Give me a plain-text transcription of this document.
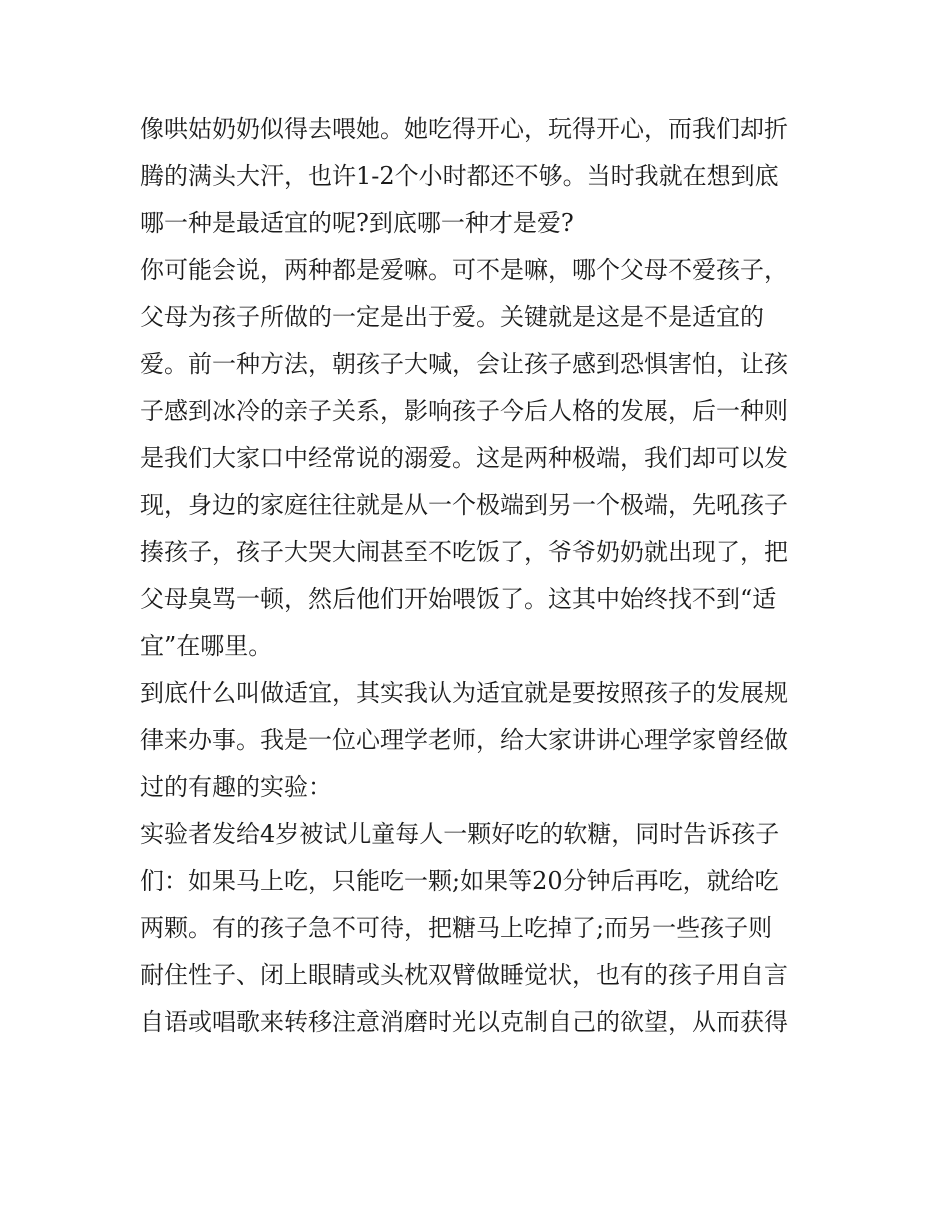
像哄姑奶奶似得去喂她。她吃得开心，玩得开心，而我们却折
腾的满头大汗，也许1-2个小时都还不够。当时我就在想到底
哪一种是最适宜的呢?到底哪一种才是爱?
你可能会说，两种都是爱嘛。可不是嘛，哪个父母不爱孩子，
父母为孩子所做的一定是出于爱。关键就是这是不是适宜的
爱。前一种方法，朝孩子大喊，会让孩子感到恐惧害怕，让孩
子感到冰冷的亲子关系，影响孩子今后人格的发展，后一种则
是我们大家口中经常说的溺爱。这是两种极端，我们却可以发
现，身边的家庭往往就是从一个极端到另一个极端，先吼孩子
揍孩子，孩子大哭大闹甚至不吃饭了，爷爷奶奶就出现了，把
父母臭骂一顿，然后他们开始喂饭了。这其中始终找不到“适
宜”在哪里。
到底什么叫做适宜，其实我认为适宜就是要按照孩子的发展规
律来办事。我是一位心理学老师，给大家讲讲心理学家曾经做
过的有趣的实验：
实验者发给4岁被试儿童每人一颗好吃的软糖，同时告诉孩子
们：如果马上吃，只能吃一颗;如果等20分钟后再吃，就给吃
两颗。有的孩子急不可待，把糖马上吃掉了;而另一些孩子则
耐住性子、闭上眼睛或头枕双臂做睡觉状，也有的孩子用自言
自语或唱歌来转移注意消磨时光以克制自己的欲望，从而获得
